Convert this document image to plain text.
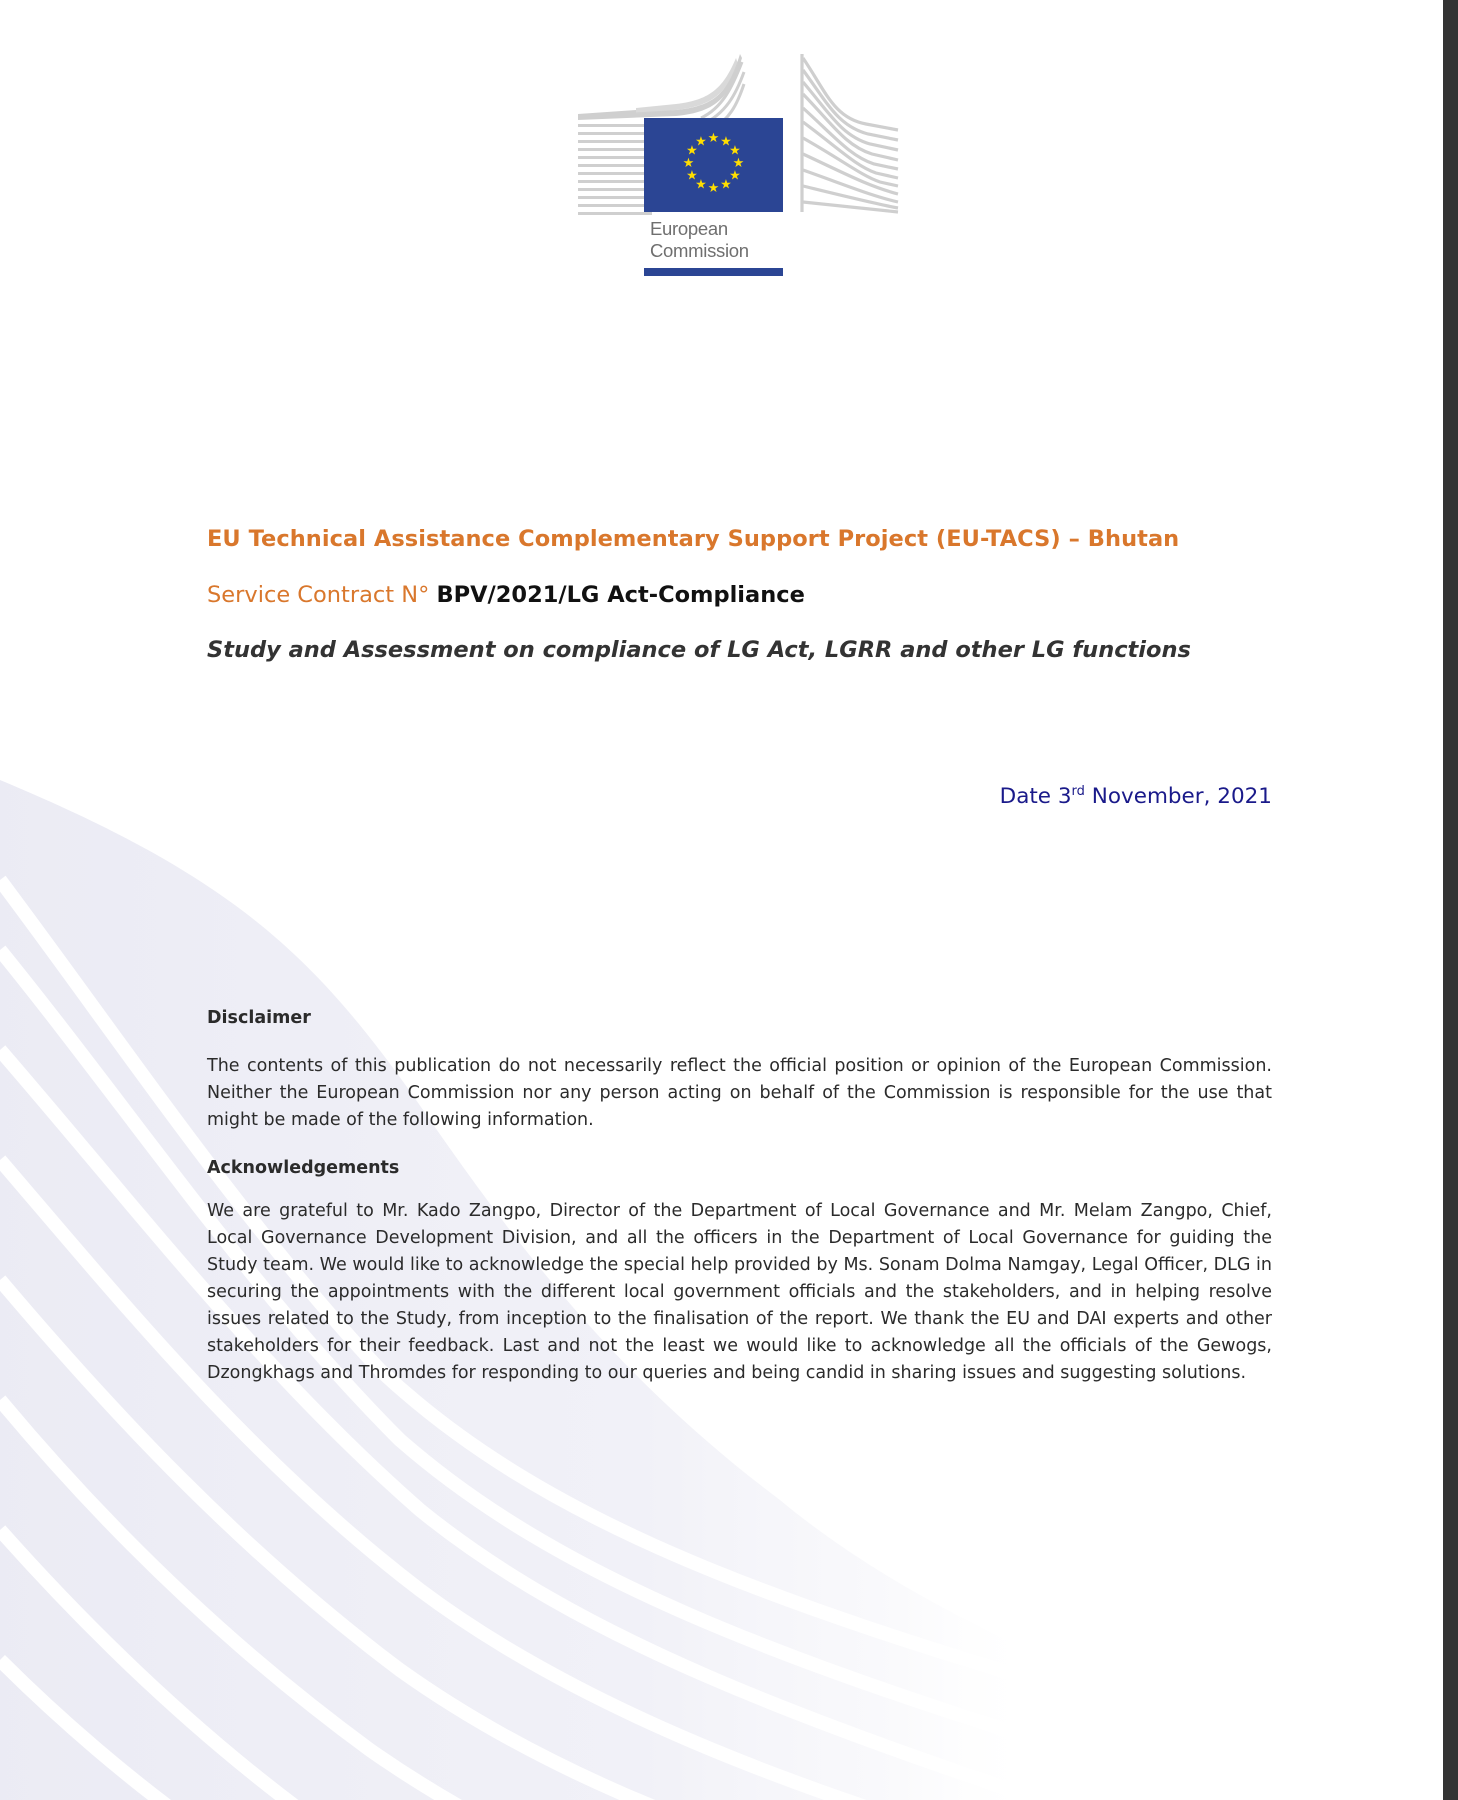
★ ★
★
★
★
★
★
★
★
★
★
★
European
Commission
EU Technical Assistance Complementary Support Project (EU-TACS) – Bhutan
Service Contract N° BPV/2021/LG Act-Compliance
Study and Assessment on compliance of LG Act, LGRR and other LG functions
Date 3rd November, 2021
Disclaimer

The contents of this publication do not necessarily reflect the official position or opinion of the European Commission. Neither the European Commission nor any person acting on behalf of the Commission is responsible for the use that might be made of the following information.

Acknowledgements

We are grateful to Mr. Kado Zangpo, Director of the Department of Local Governance and Mr. Melam Zangpo, Chief, Local Governance Development Division, and all the officers in the Department of Local Governance for guiding the Study team. We would like to acknowledge the special help provided by Ms. Sonam Dolma Namgay, Legal Officer, DLG in securing the appointments with the different local government officials and the stakeholders, and in helping resolve issues related to the Study, from inception to the finalisation of the report. We thank the EU and DAI experts and other stakeholders for their feedback. Last and not the least we would like to acknowledge all the officials of the Gewogs, Dzongkhags and Thromdes for responding to our queries and being candid in sharing issues and suggesting solutions.
